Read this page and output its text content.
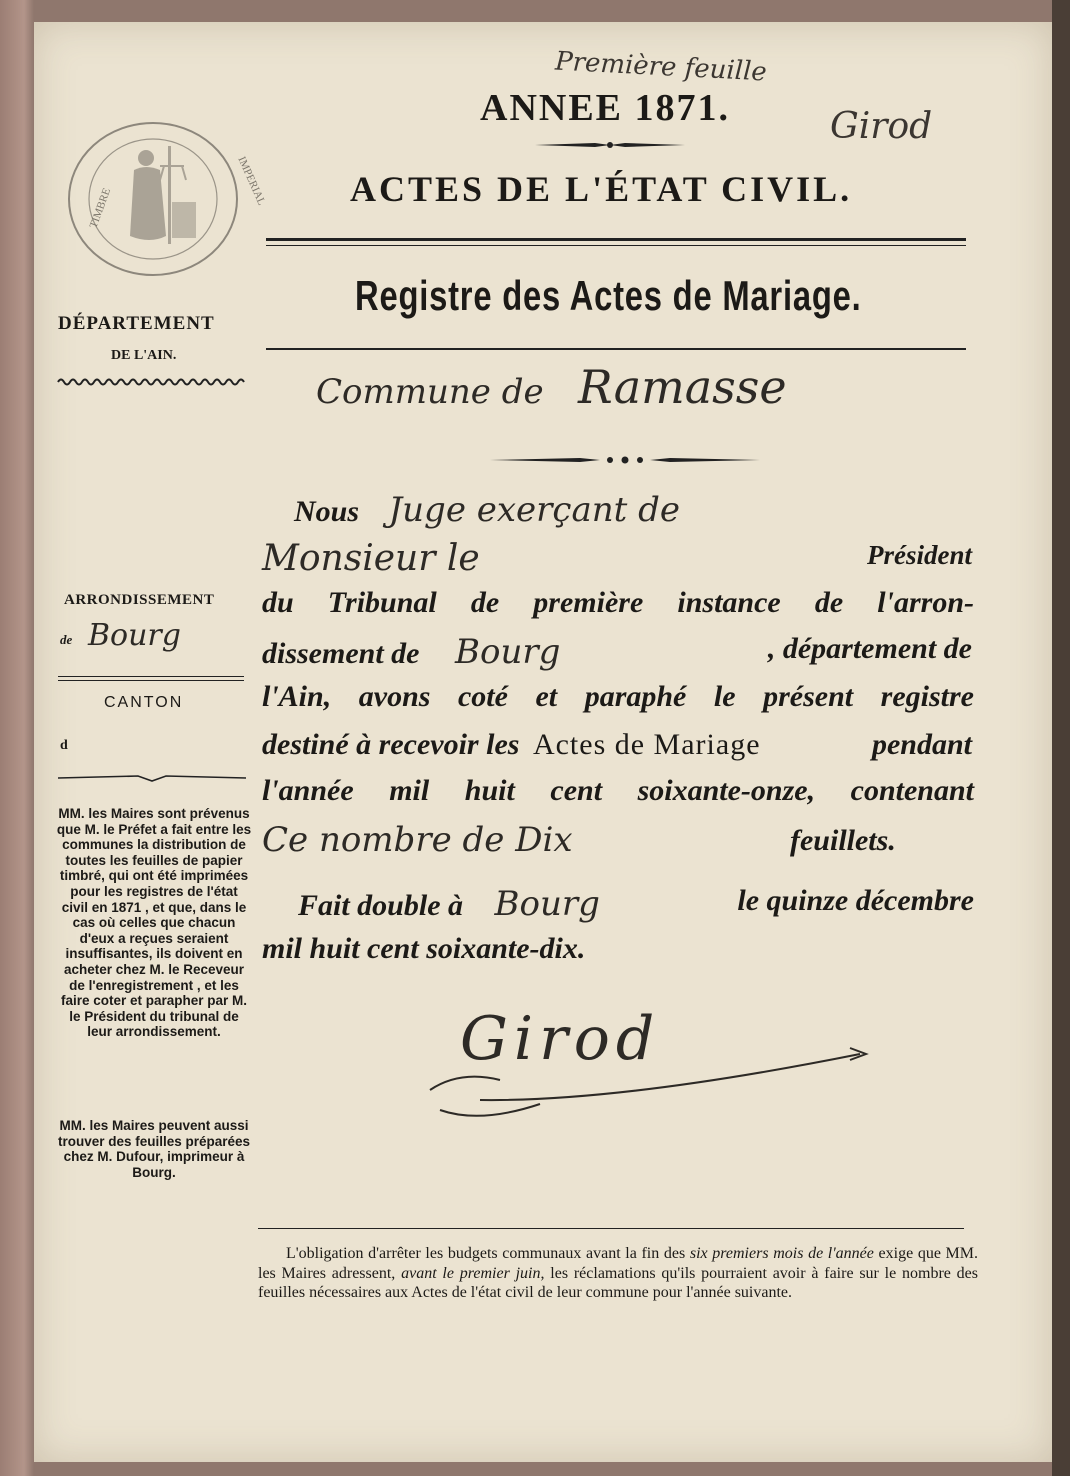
TIMBRE
IMPERIAL
Première feuille
Girod
ANNEE 1871.
ACTES DE L'ÉTAT CIVIL.
Registre des Actes de Mariage.
DÉPARTEMENT
DE L'AIN.
ARRONDISSEMENT
de Bourg
CANTON
d
MM. les Maires sont prévenus que M. le Préfet a fait entre les communes la distribution de toutes les feuilles de papier timbré, qui ont été imprimées pour les registres de l'état civil en 1871 , et que, dans le cas où celles que chacun d'eux a reçues seraient insuffisantes, ils doivent en acheter chez M. le Receveur de l'enregistrement , et les faire coter et parapher par M. le Président du tribunal de leur arrondissement.
MM. les Maires peuvent aussi trouver des feuilles préparées chez M. Dufour, imprimeur à Bourg.
Commune de Ramasse
Nous Juge exerçant de
Monsieur le	Président
du Tribunal de première instance de l'arron-
dissement de Bourg	, département de
l'Ain, avons coté et paraphé le présent registre
destiné à recevoir les Actes de Mariage	pendant
l'année mil huit cent soixante-onze, contenant
Ce nombre de Dix	feuillets.
Fait double à Bourg	le quinze décembre
mil huit cent soixante-dix.
Girod
L'obligation d'arrêter les budgets communaux avant la fin des six premiers mois de l'année exige que MM. les Maires adressent, avant le premier juin, les réclamations qu'ils pourraient avoir à faire sur le nombre des feuilles nécessaires aux Actes de l'état civil de leur commune pour l'année suivante.
